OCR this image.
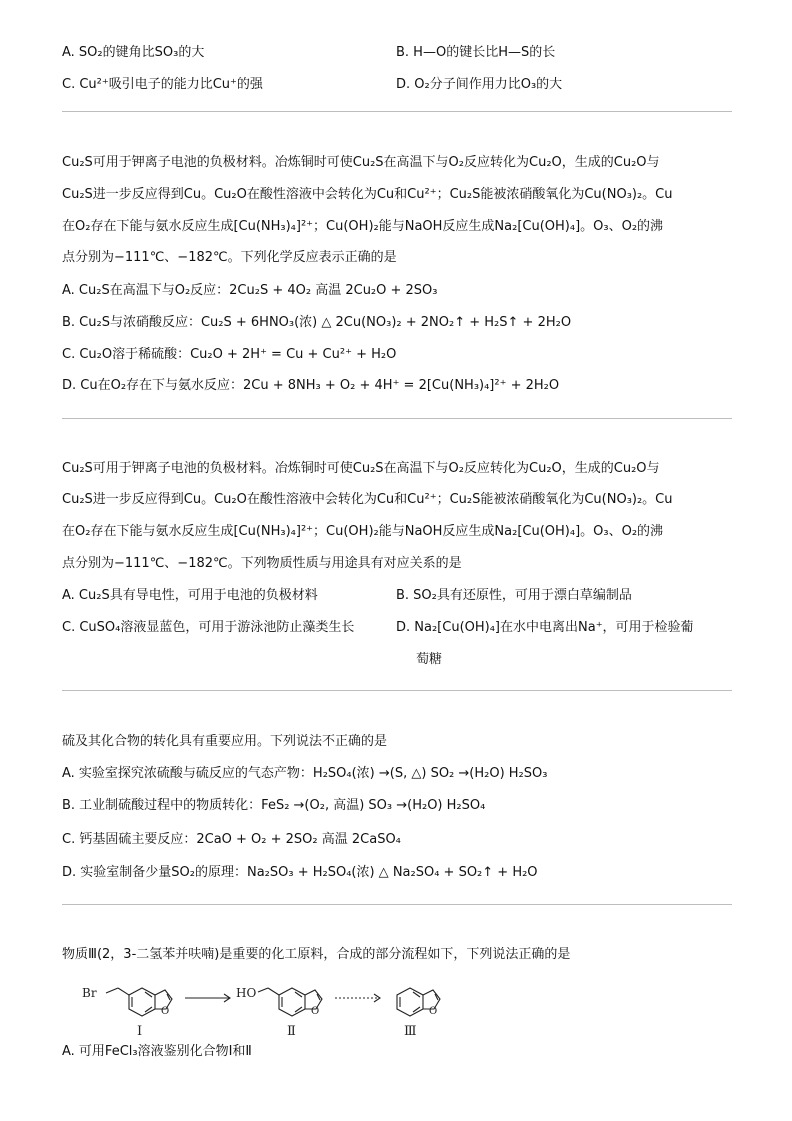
A. SO₂的键角比SO₃的大	B. H—O的键长比H—S的长
C. Cu²⁺吸引电子的能力比Cu⁺的强	D. O₂分子间作用力比O₃的大
Cu₂S可用于钾离子电池的负极材料。冶炼铜时可使Cu₂S在高温下与O₂反应转化为Cu₂O，生成的Cu₂O与
Cu₂S进一步反应得到Cu。Cu₂O在酸性溶液中会转化为Cu和Cu²⁺；Cu₂S能被浓硝酸氧化为Cu(NO₃)₂。Cu
在O₂存在下能与氨水反应生成[Cu(NH₃)₄]²⁺；Cu(OH)₂能与NaOH反应生成Na₂[Cu(OH)₄]。O₃、O₂的沸
点分别为−111℃、−182℃。下列化学反应表示正确的是
A. Cu₂S在高温下与O₂反应：2Cu₂S + 4O₂ 高温 2Cu₂O + 2SO₃
B. Cu₂S与浓硝酸反应：Cu₂S + 6HNO₃(浓) △ 2Cu(NO₃)₂ + 2NO₂↑ + H₂S↑ + 2H₂O
C. Cu₂O溶于稀硫酸：Cu₂O + 2H⁺ = Cu + Cu²⁺ + H₂O
D. Cu在O₂存在下与氨水反应：2Cu + 8NH₃ + O₂ + 4H⁺ = 2[Cu(NH₃)₄]²⁺ + 2H₂O
Cu₂S可用于钾离子电池的负极材料。冶炼铜时可使Cu₂S在高温下与O₂反应转化为Cu₂O，生成的Cu₂O与
Cu₂S进一步反应得到Cu。Cu₂O在酸性溶液中会转化为Cu和Cu²⁺；Cu₂S能被浓硝酸氧化为Cu(NO₃)₂。Cu
在O₂存在下能与氨水反应生成[Cu(NH₃)₄]²⁺；Cu(OH)₂能与NaOH反应生成Na₂[Cu(OH)₄]。O₃、O₂的沸
点分别为−111℃、−182℃。下列物质性质与用途具有对应关系的是
A. Cu₂S具有导电性，可用于电池的负极材料	B. SO₂具有还原性，可用于漂白草编制品
C. CuSO₄溶液显蓝色，可用于游泳池防止藻类生长	D. Na₂[Cu(OH)₄]在水中电离出Na⁺，可用于检验葡
萄糖
硫及其化合物的转化具有重要应用。下列说法不正确的是
A. 实验室探究浓硫酸与硫反应的气态产物：H₂SO₄(浓) →(S, △) SO₂ →(H₂O) H₂SO₃
B. 工业制硫酸过程中的物质转化：FeS₂ →(O₂, 高温) SO₃ →(H₂O) H₂SO₄
C. 钙基固硫主要反应：2CaO + O₂ + 2SO₂ 高温 2CaSO₄
D. 实验室制备少量SO₂的原理：Na₂SO₃ + H₂SO₄(浓) △ Na₂SO₄ + SO₂↑ + H₂O
物质Ⅲ(2，3-二氢苯并呋喃)是重要的化工原料，合成的部分流程如下，下列说法正确的是
Br
O
Ⅰ
HO
O
Ⅱ
O
Ⅲ
A. 可用FeCl₃溶液鉴别化合物Ⅰ和Ⅱ
